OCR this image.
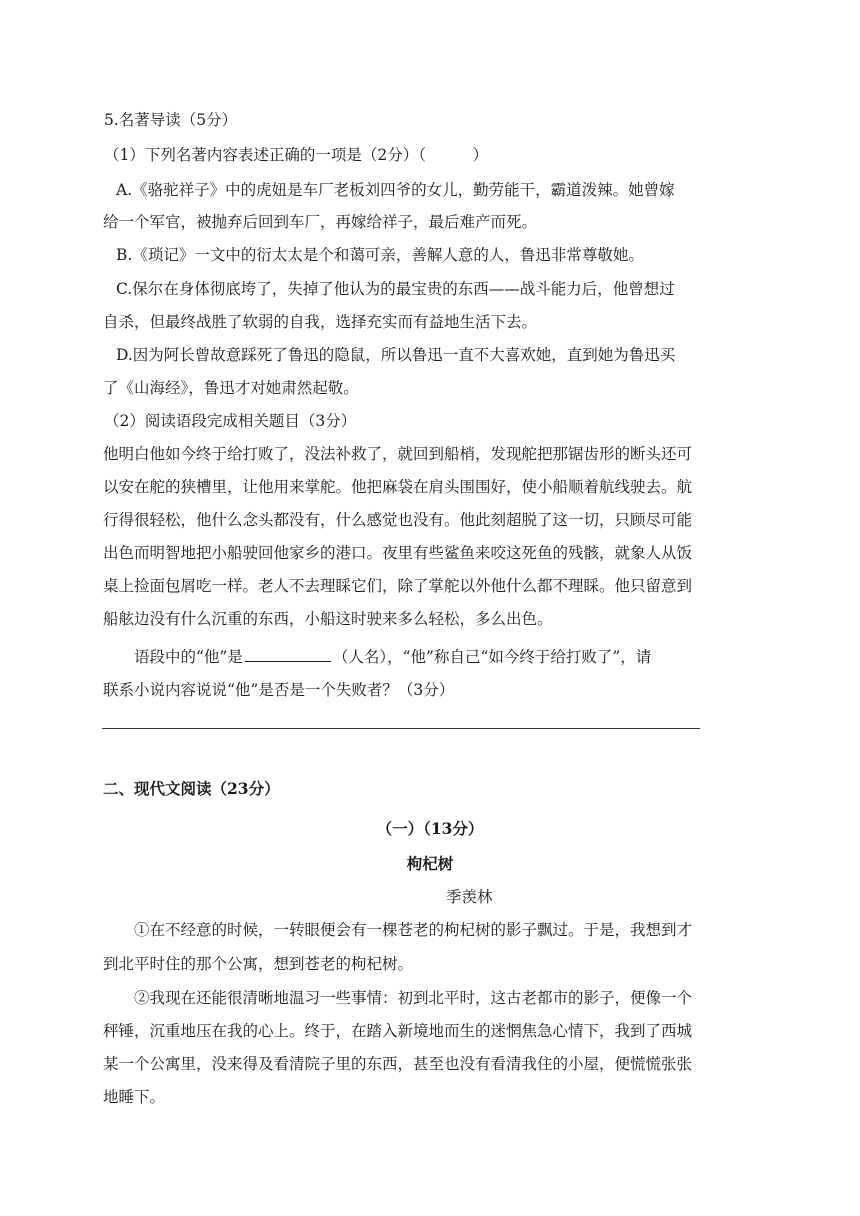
5.名著导读（5分）
（1）下列名著内容表述正确的一项是（2分）（　　　）
A.《骆驼祥子》中的虎妞是车厂老板刘四爷的女儿，勤劳能干，霸道泼辣。她曾嫁
给一个军官，被抛弃后回到车厂，再嫁给祥子，最后难产而死。
B.《琐记》一文中的衍太太是个和蔼可亲，善解人意的人，鲁迅非常尊敬她。
C.保尔在身体彻底垮了，失掉了他认为的最宝贵的东西——战斗能力后，他曾想过
自杀，但最终战胜了软弱的自我，选择充实而有益地生活下去。
D.因为阿长曾故意踩死了鲁迅的隐鼠，所以鲁迅一直不大喜欢她，直到她为鲁迅买
了《山海经》，鲁迅才对她肃然起敬。
（2）阅读语段完成相关题目（3分）
他明白他如今终于给打败了，没法补救了，就回到船梢，发现舵把那锯齿形的断头还可
以安在舵的狭槽里，让他用来掌舵。他把麻袋在肩头围围好，使小船顺着航线驶去。航
行得很轻松，他什么念头都没有，什么感觉也没有。他此刻超脱了这一切，只顾尽可能
出色而明智地把小船驶回他家乡的港口。夜里有些鲨鱼来咬这死鱼的残骸，就象人从饭
桌上捡面包屑吃一样。老人不去理睬它们，除了掌舵以外他什么都不理睬。他只留意到
船舷边没有什么沉重的东西，小船这时驶来多么轻松，多么出色。
语段中的“他”是	（人名），“他”称自己“如今终于给打败了”，请
联系小说内容说说“他”是否是一个失败者？（3分）
二、现代文阅读（23分）
（一）（13分）
枸杞树
季羡林
①在不经意的时候，一转眼便会有一棵苍老的枸杞树的影子飘过。于是，我想到才
到北平时住的那个公寓，想到苍老的枸杞树。
②我现在还能很清晰地温习一些事情：初到北平时，这古老都市的影子，便像一个
秤锤，沉重地压在我的心上。终于，在踏入新境地而生的迷惘焦急心情下，我到了西城
某一个公寓里，没来得及看清院子里的东西，甚至也没有看清我住的小屋，便慌慌张张
地睡下。
